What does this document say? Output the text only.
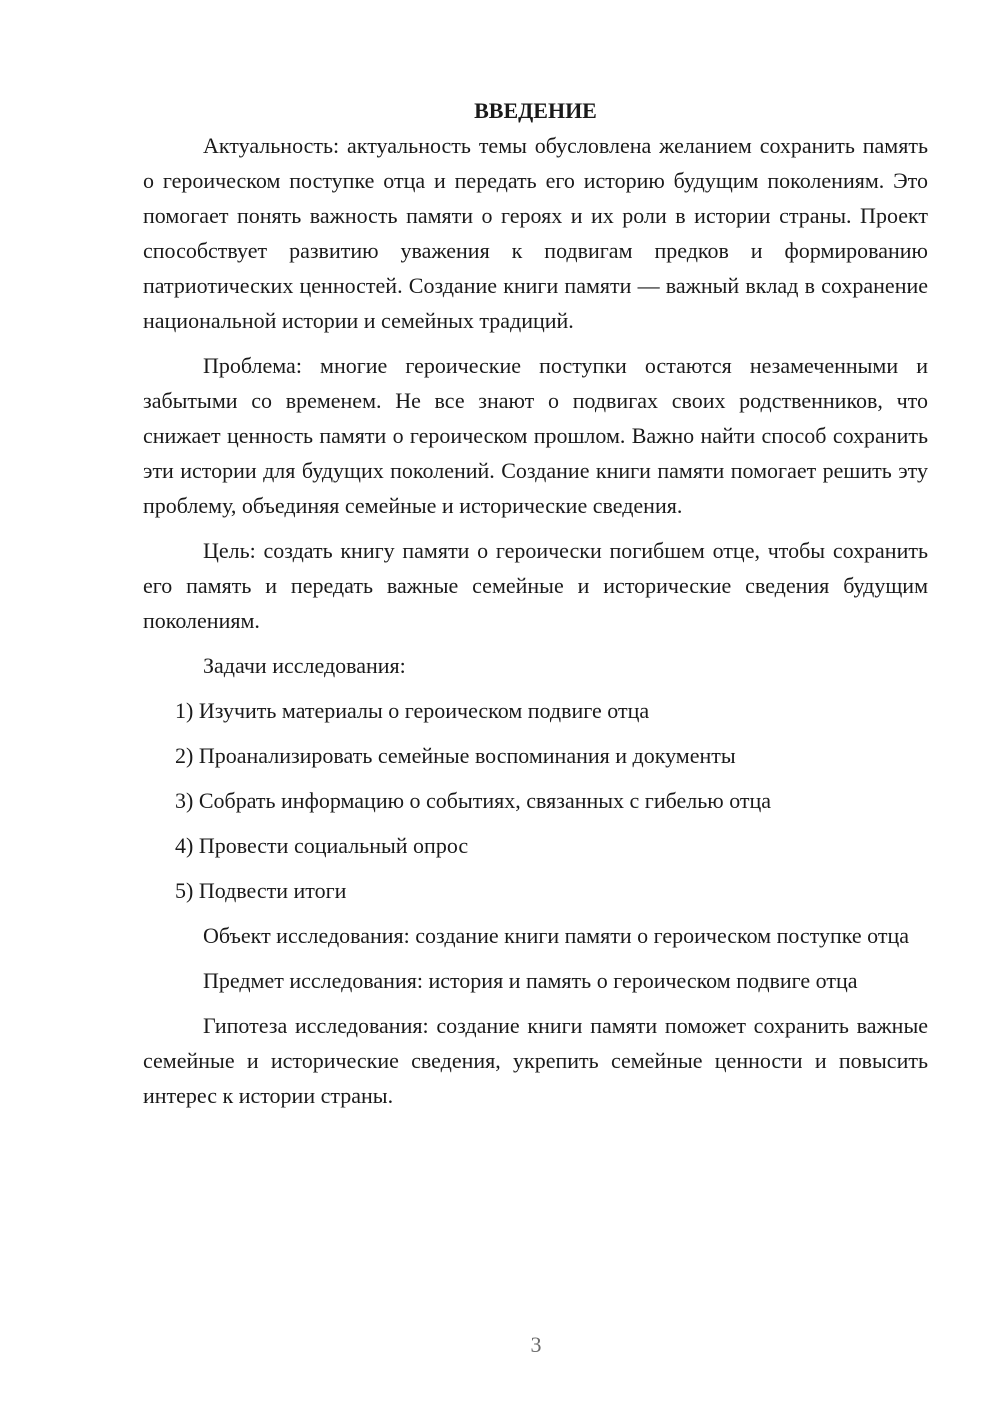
ВВЕДЕНИЕ

Актуальность: актуальность темы обусловлена желанием сохранить память о героическом поступке отца и передать его историю будущим поколениям. Это помогает понять важность памяти о героях и их роли в истории страны. Проект способствует развитию уважения к подвигам предков и формированию патриотических ценностей. Создание книги памяти — важный вклад в сохранение национальной истории и семейных традиций.

Проблема: многие героические поступки остаются незамеченными и забытыми со временем. Не все знают о подвигах своих родственников, что снижает ценность памяти о героическом прошлом. Важно найти способ сохранить эти истории для будущих поколений. Создание книги памяти помогает решить эту проблему, объединяя семейные и исторические сведения.

Цель: создать книгу памяти о героически погибшем отце, чтобы сохранить его память и передать важные семейные и исторические сведения будущим поколениям.

Задачи исследования:

1) Изучить материалы о героическом подвиге отца

2) Проанализировать семейные воспоминания и документы

3) Собрать информацию о событиях, связанных с гибелью отца

4) Провести социальный опрос

5) Подвести итоги

Объект исследования: создание книги памяти о героическом поступке отца

Предмет исследования: история и память о героическом подвиге отца

Гипотеза исследования: создание книги памяти поможет сохранить важные семейные и исторические сведения, укрепить семейные ценности и повысить интерес к истории страны.

3
